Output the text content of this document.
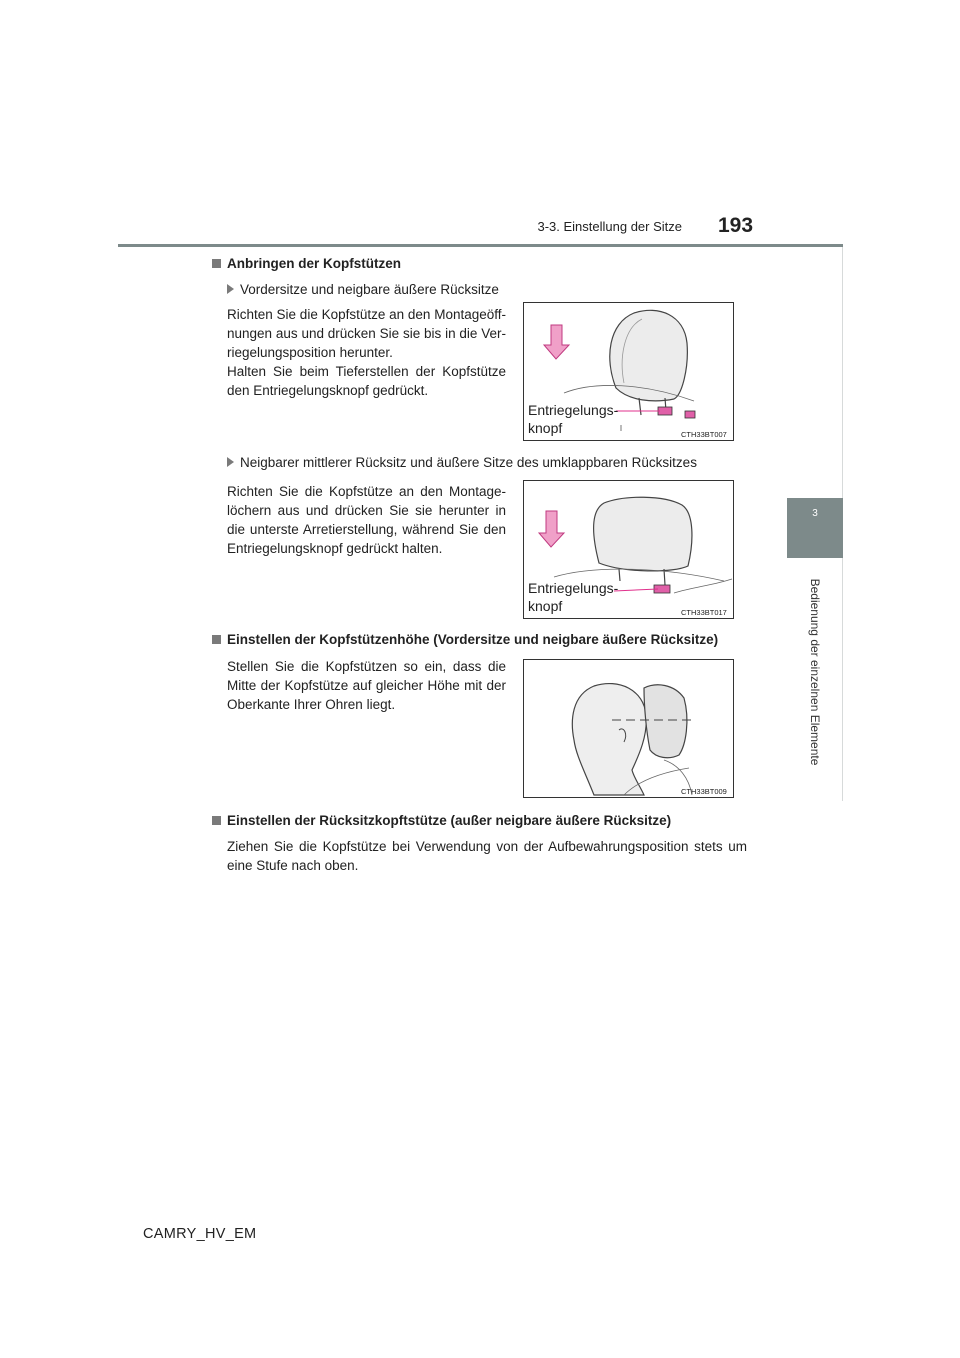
3-3. Einstellung der Sitze 193
3
Bedienung der einzelnen Elemente
Anbringen der Kopfstützen
Vordersitze und neigbare äußere Rücksitze
Richten Sie die Kopfstütze an den Montageöff-nungen aus und drücken Sie sie bis in die Ver-riegelungsposition herunter.
Halten Sie beim Tieferstellen der Kopfstütze den Entriegelungsknopf gedrückt.
Entriegelungs-
knopf	CTH33BT007
Neigbarer mittlerer Rücksitz und äußere Sitze des umklappbaren Rücksitzes
Richten Sie die Kopfstütze an den Montage-löchern aus und drücken Sie sie herunter in die unterste Arretierstellung, während Sie den Entriegelungsknopf gedrückt halten.
Entriegelungs-
knopf	CTH33BT017
Einstellen der Kopfstützenhöhe (Vordersitze und neigbare äußere Rücksitze)
Stellen Sie die Kopfstützen so ein, dass die Mitte der Kopfstütze auf gleicher Höhe mit der Oberkante Ihrer Ohren liegt.
CTH33BT009
Einstellen der Rücksitzkopftstütze (außer neigbare äußere Rücksitze)
Ziehen Sie die Kopfstütze bei Verwendung von der Aufbewahrungsposition stets um eine Stufe nach oben.
CAMRY_HV_EM
